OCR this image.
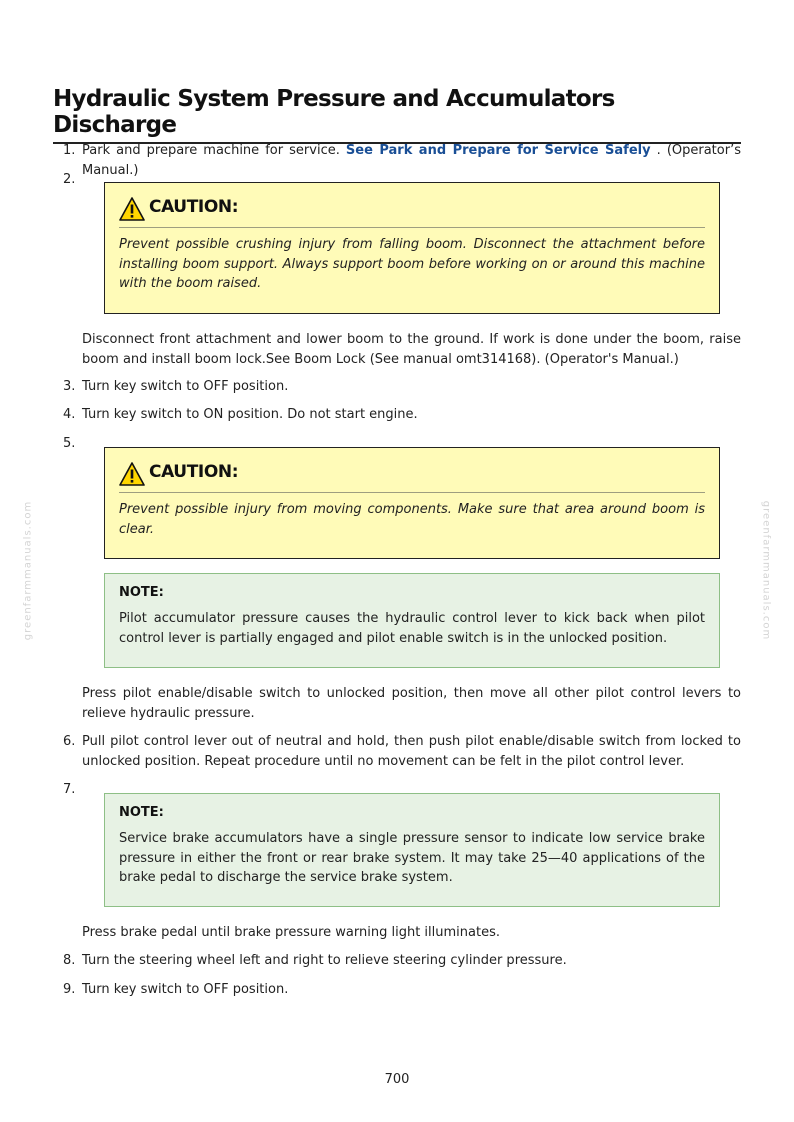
Hydraulic System Pressure and Accumulators Discharge
1. Park and prepare machine for service. See Park and Prepare for Service Safely . (Operator’s Manual.)
2.
CAUTION:
Prevent possible crushing injury from falling boom. Disconnect the attachment before installing boom support. Always support boom before working on or around this machine with the boom raised.
Disconnect front attachment and lower boom to the ground. If work is done under the boom, raise boom and install boom lock.See Boom Lock (See manual omt314168). (Operator's Manual.)
3. Turn key switch to OFF position.
4. Turn key switch to ON position. Do not start engine.
5.
CAUTION:
Prevent possible injury from moving components. Make sure that area around boom is clear.
NOTE:
Pilot accumulator pressure causes the hydraulic control lever to kick back when pilot control lever is partially engaged and pilot enable switch is in the unlocked position.
Press pilot enable/disable switch to unlocked position, then move all other pilot control levers to relieve hydraulic pressure.
6. Pull pilot control lever out of neutral and hold, then push pilot enable/disable switch from locked to unlocked position. Repeat procedure until no movement can be felt in the pilot control lever.
7.
NOTE:
Service brake accumulators have a single pressure sensor to indicate low service brake pressure in either the front or rear brake system. It may take 25—40 applications of the brake pedal to discharge the service brake system.
Press brake pedal until brake pressure warning light illuminates.
8. Turn the steering wheel left and right to relieve steering cylinder pressure.
9. Turn key switch to OFF position.
greenfarmmanuals.com	greenfarmmanuals.com
700
